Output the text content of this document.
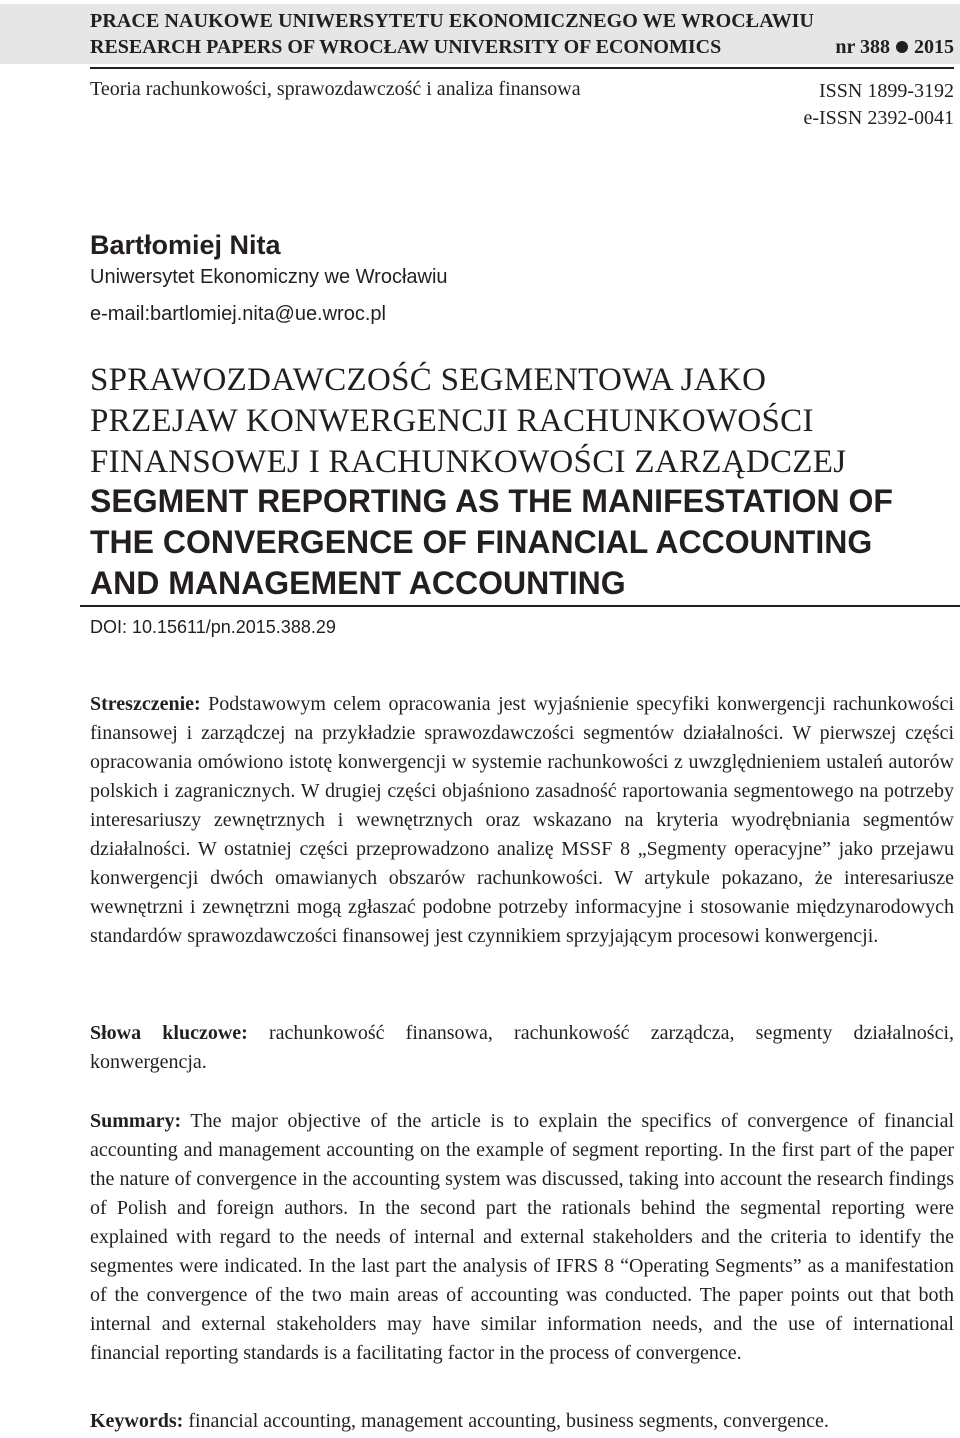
PRACE NAUKOWE UNIWERSYTETU EKONOMICZNEGO WE WROCŁAWIU
RESEARCH PAPERS OF WROCŁAW UNIVERSITY OF ECONOMICS	nr 388 2015
Teoria rachunkowości, sprawozdawczość i analiza finansowa	ISSN 1899-3192
e-ISSN 2392-0041
Bartłomiej Nita
Uniwersytet Ekonomiczny we Wrocławiu
e-mail:bartlomiej.nita@ue.wroc.pl
SPRAWOZDAWCZOŚĆ SEGMENTOWA JAKO
PRZEJAW KONWERGENCJI RACHUNKOWOŚCI
FINANSOWEJ I RACHUNKOWOŚCI ZARZĄDCZEJ
SEGMENT REPORTING AS THE MANIFESTATION OF
THE CONVERGENCE OF FINANCIAL ACCOUNTING
AND MANAGEMENT ACCOUNTING
DOI: 10.15611/pn.2015.388.29

Streszczenie: Podstawowym celem opracowania jest wyjaśnienie specyfiki konwergencji rachunkowości finansowej i zarządczej na przykładzie sprawozdawczości segmentów działalności. W pierwszej części opracowania omówiono istotę konwergencji w systemie rachunkowości z uwzględnieniem ustaleń autorów polskich i zagranicznych. W drugiej części objaśniono zasadność raportowania segmentowego na potrzeby interesariuszy zewnętrznych i wewnętrznych oraz wskazano na kryteria wyodrębniania segmentów działalności. W ostatniej części przeprowadzono analizę MSSF 8 „Segmenty operacyjne” jako przejawu konwergencji dwóch omawianych obszarów rachunkowości. W artykule pokazano, że interesariusze wewnętrzni i zewnętrzni mogą zgłaszać podobne potrzeby informacyjne i stosowanie międzynarodowych standardów sprawozdawczości finansowej jest czynnikiem sprzyjającym procesowi konwergencji.

Słowa kluczowe: rachunkowość finansowa, rachunkowość zarządcza, segmenty działalności, konwergencja.

Summary: The major objective of the article is to explain the specifics of convergence of financial accounting and management accounting on the example of segment reporting. In the first part of the paper the nature of convergence in the accounting system was discussed, taking into account the research findings of Polish and foreign authors. In the second part the rationals behind the segmental reporting were explained with regard to the needs of internal and external stakeholders and the criteria to identify the segmentes were indicated. In the last part the analysis of IFRS 8 “Operating Segments” as a manifestation of the convergence of the two main areas of accounting was conducted. The paper points out that both internal and external stakeholders may have similar information needs, and the use of international financial reporting standards is a facilitating factor in the process of convergence.

Keywords: financial accounting, management accounting, business segments, convergence.
